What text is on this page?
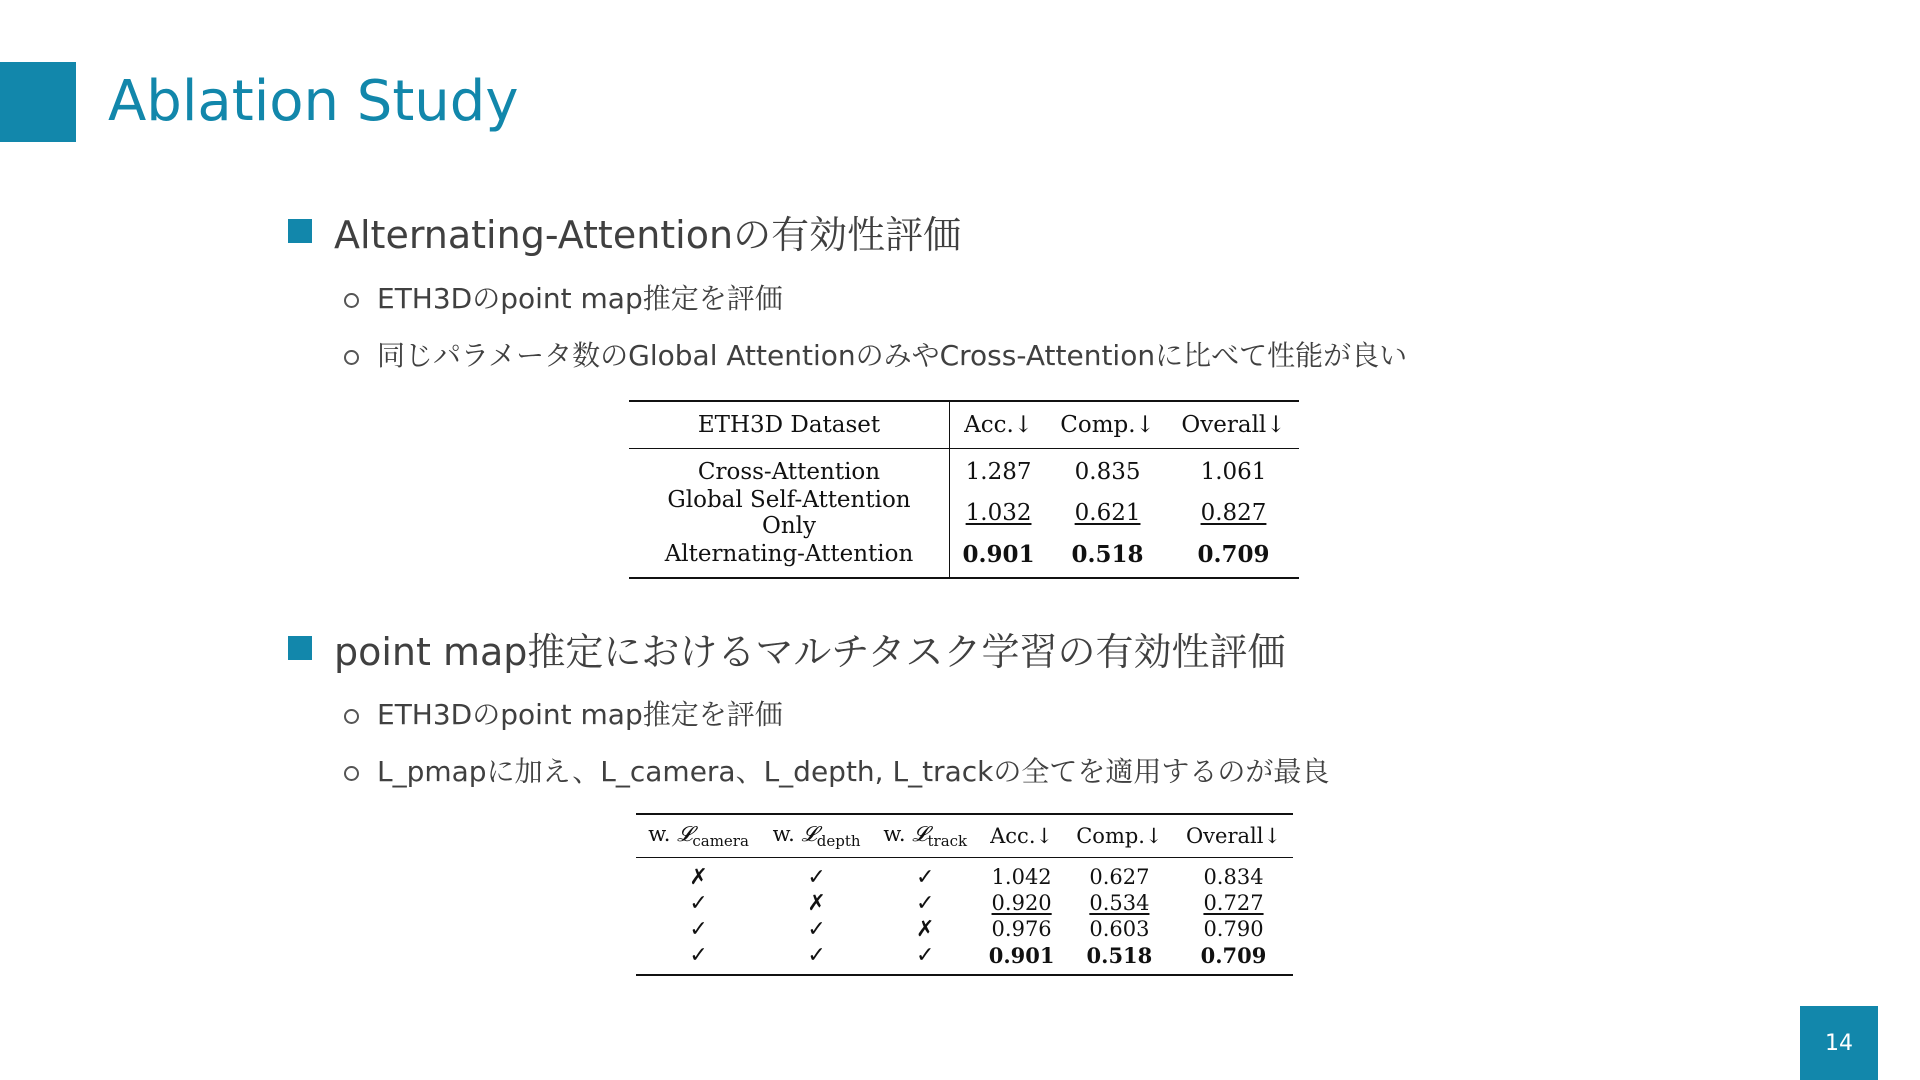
Ablation Study
Alternating-Attentionの有効性評価
ETH3Dのpoint map推定を評価
同じパラメータ数のGlobal AttentionのみやCross-Attentionに比べて性能が良い
ETH3D Dataset	Acc.↓	Comp.↓	Overall↓
Cross-Attention	1.287	0.835	1.061
Global Self-Attention Only	1.032	0.621	0.827
Alternating-Attention	0.901	0.518	0.709
point map推定におけるマルチタスク学習の有効性評価
ETH3Dのpoint map推定を評価
L_pmapに加え、L_camera、L_depth, L_trackの全てを適用するのが最良
w. 𝓛$_{camera}$	w. 𝓛$_{depth}$	w. 𝓛$_{track}$	Acc.↓	Comp.↓	Overall↓
✗	✓	✓	1.042	0.627	0.834
✓	✗	✓	0.920	0.534	0.727
✓	✓	✗	0.976	0.603	0.790
✓	✓	✓	0.901	0.518	0.709
14
